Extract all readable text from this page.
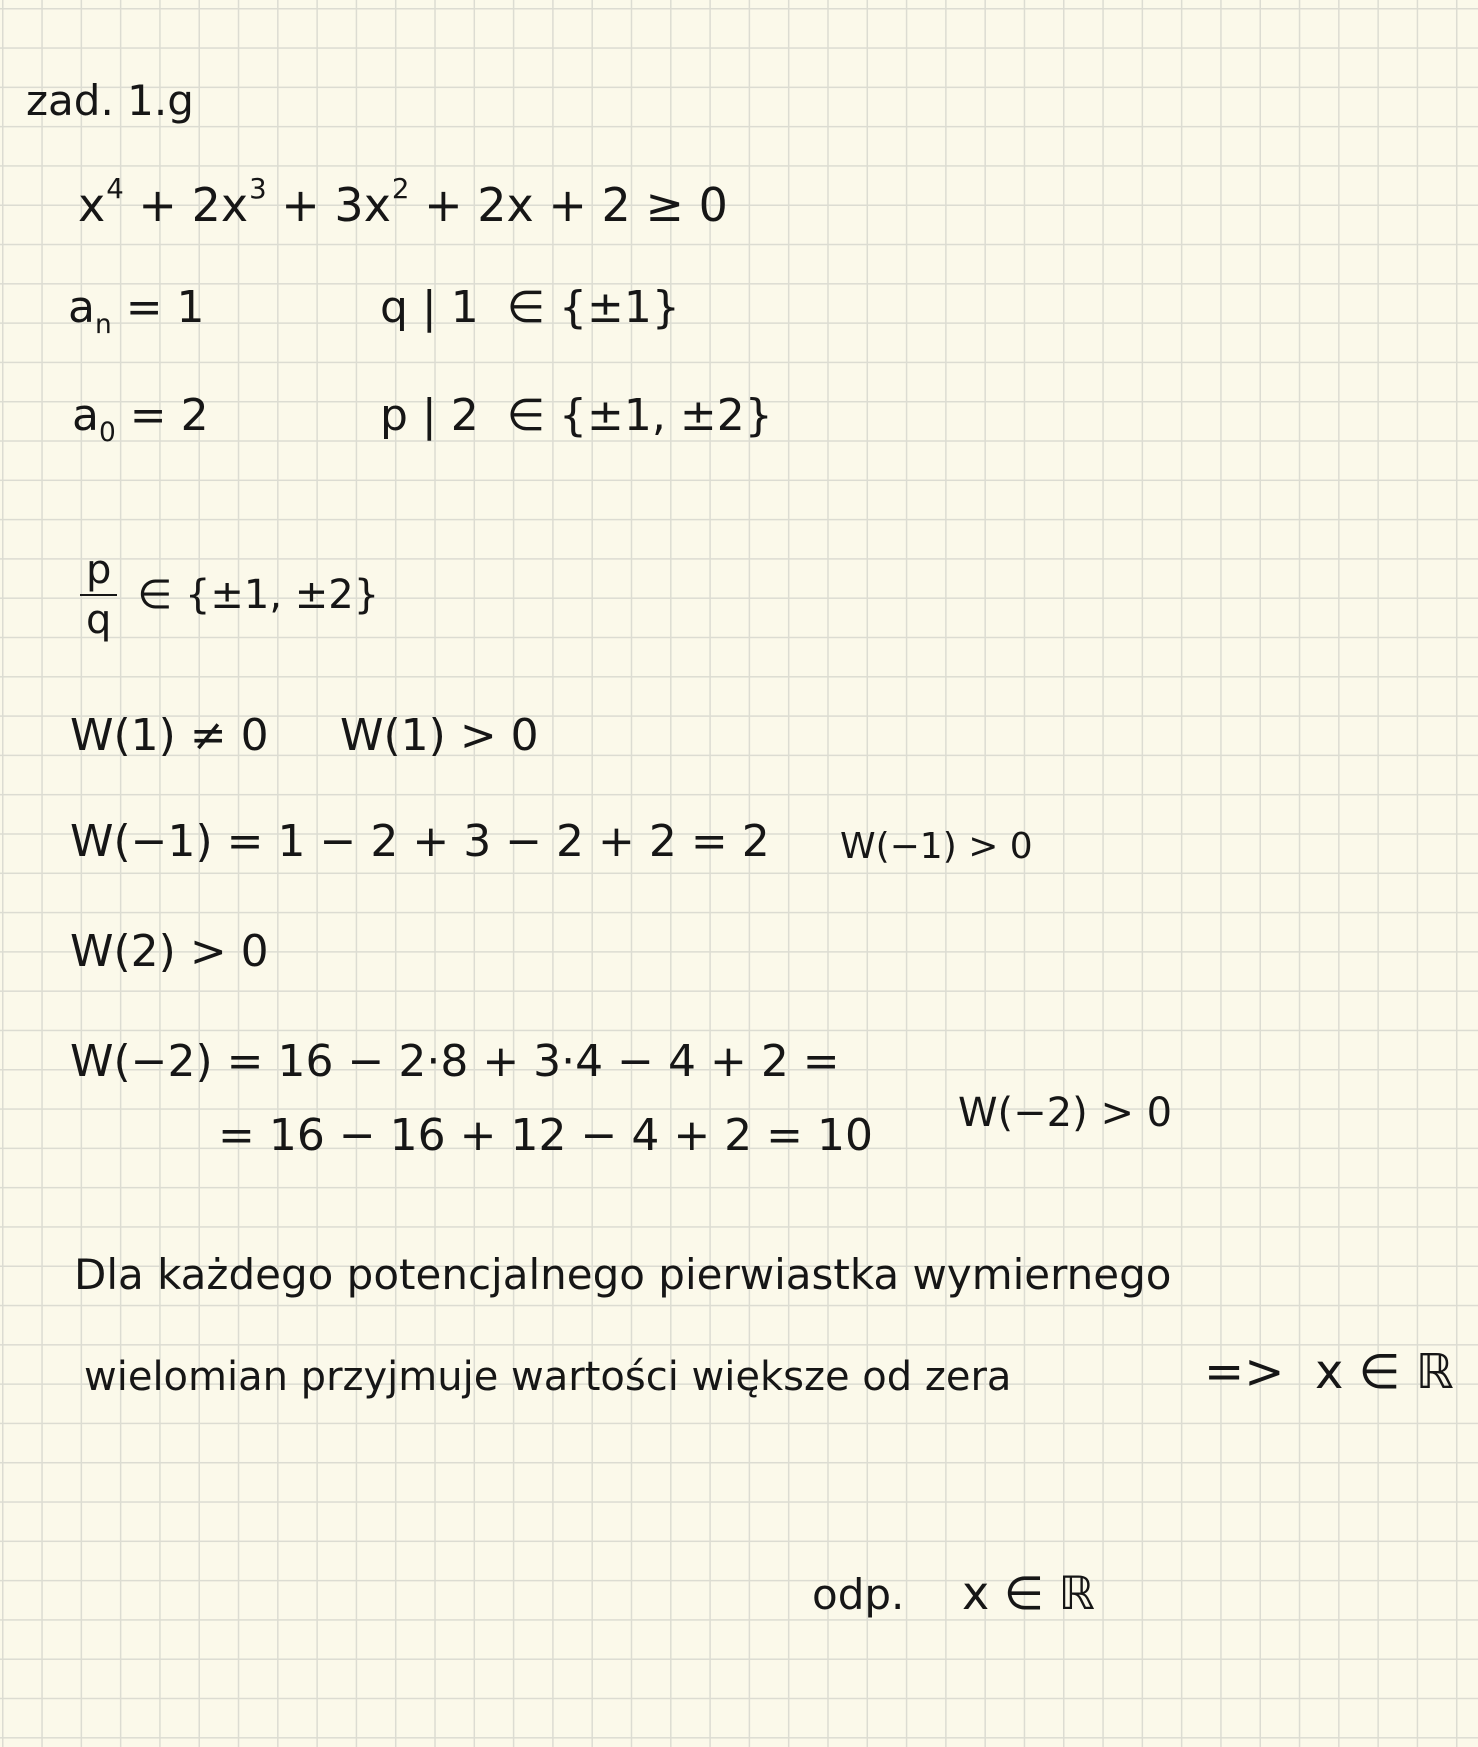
zad. 1.g
$x^4 + 2x^3 + 3x^2 + 2x + 2 \ge 0$
$a_n = 1$	q | 1  ∈ {±1}
$a_0 = 2$	p | 2  ∈ {±1, ±2}
$\frac{p}{q}$ ∈ {±1, ±2}
W(1) ≠ 0 W(1) > 0
W(−1) = 1 − 2 + 3 − 2 + 2 = 2 W(−1) > 0
W(2) > 0
W(−2) = 16 − 2·8 + 3·4 − 4 + 2 =
= 16 − 16 + 12 − 4 + 2 = 10 W(−2) > 0
Dla każdego potencjalnego pierwiastka wymiernego
wielomian przyjmuje wartości większe od zera	=>  x ∈ ℝ
odp. x ∈ ℝ
